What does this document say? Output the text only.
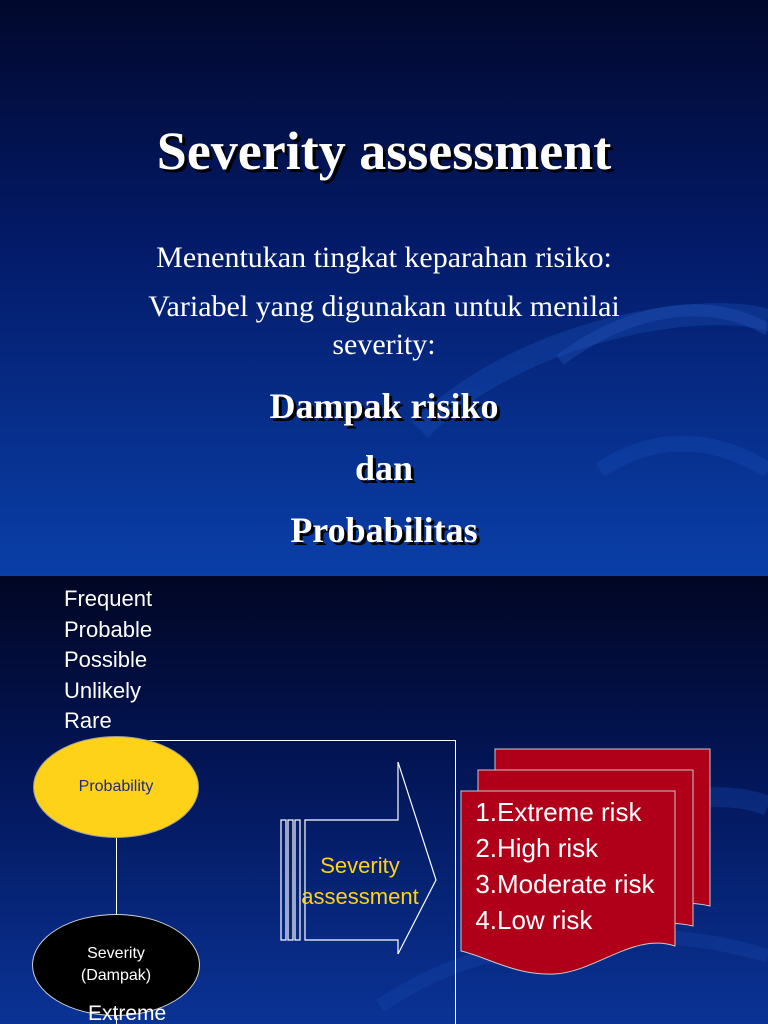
Severity assessment

Menentukan tingkat keparahan risiko:

Variabel yang digunakan untuk menilai severity:

Dampak risiko

dan

Probabilitas

Frequent
Probable
Possible
Unlikely
Rare
Probability
Severity
(Dampak)
Extreme
Severity assessment
1.Extreme risk
2.High risk
3.Moderate risk
4.Low risk
